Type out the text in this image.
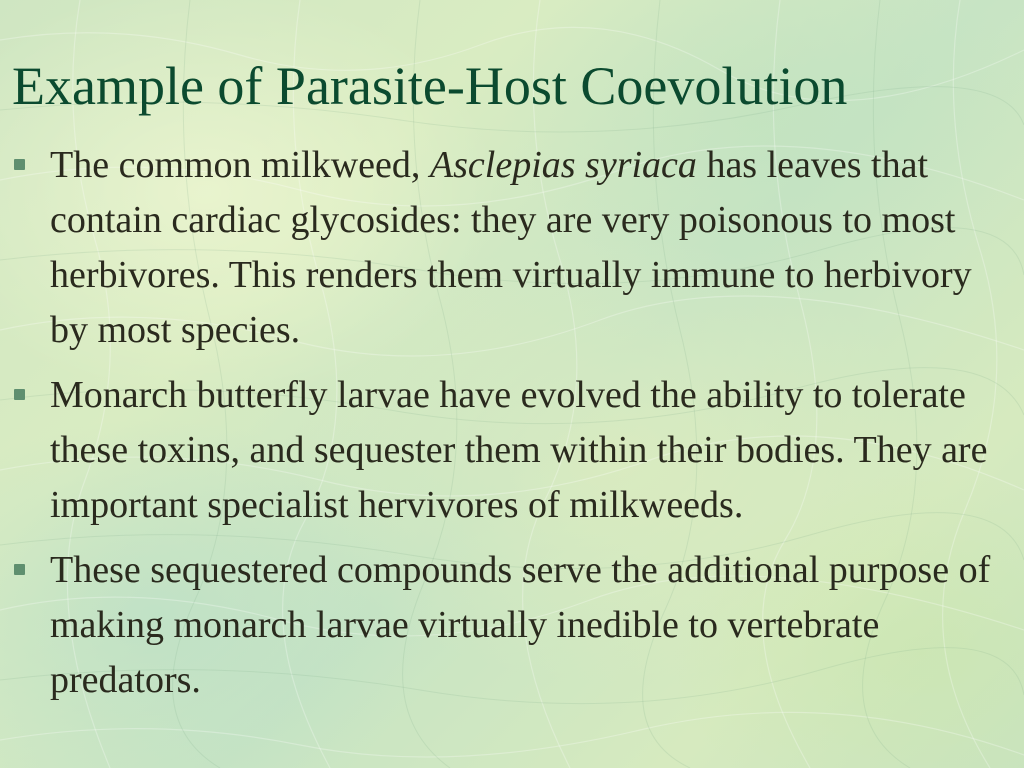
Example of Parasite-Host Coevolution
The common milkweed, Asclepias syriaca has leaves that contain cardiac glycosides: they are very poisonous to most herbivores. This renders them virtually immune to herbivory by most species.
Monarch butterfly larvae have evolved the ability to tolerate these toxins, and sequester them within their bodies. They are important specialist hervivores of milkweeds.
These sequestered compounds serve the additional purpose of making monarch larvae virtually inedible to vertebrate predators.
